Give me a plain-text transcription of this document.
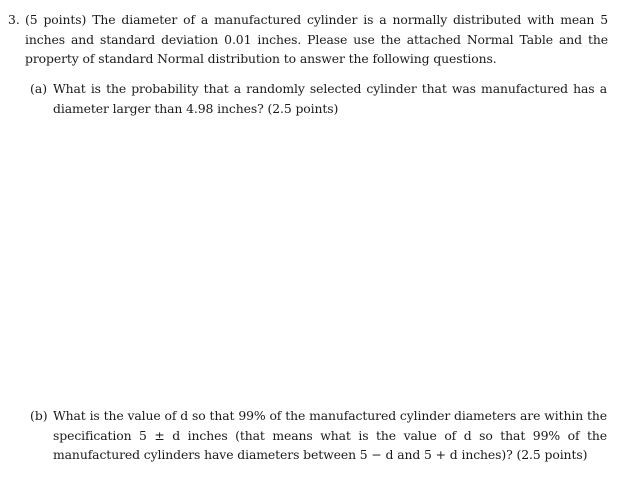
3. (5 points) The diameter of a manufactured cylinder is a normally distributed with mean 5 inches and standard deviation 0.01 inches. Please use the attached Normal Table and the property of standard Normal distribution to answer the following questions.
(a) What is the probability that a randomly selected cylinder that was manufactured has a diameter larger than 4.98 inches? (2.5 points)
(b) What is the value of d so that 99% of the manufactured cylinder diameters are within the specification 5 ± d inches (that means what is the value of d so that 99% of the manufactured cylinders have diameters between 5 − d and 5 + d inches)? (2.5 points)
